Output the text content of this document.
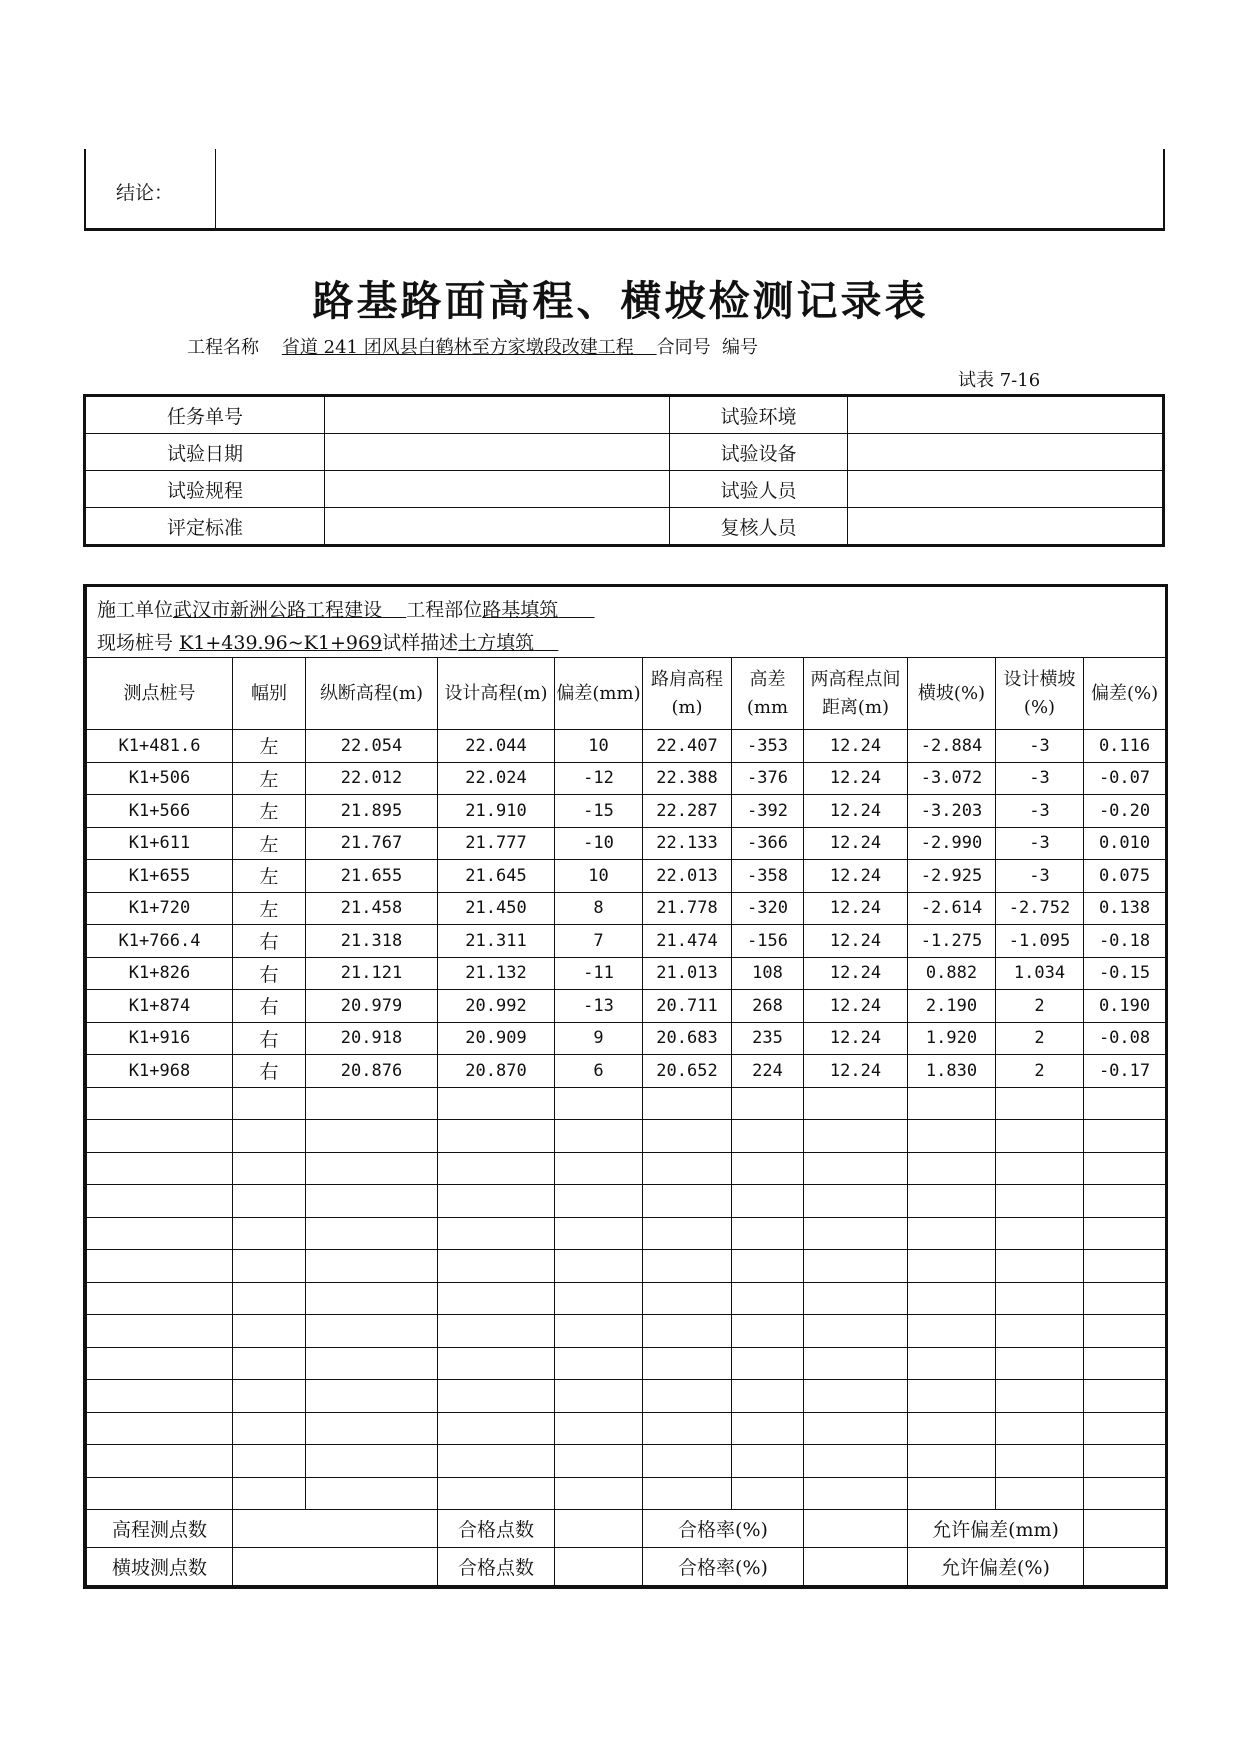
结论：
路基路面高程、横坡检测记录表
工程名称 省道 241 团风县白鹤林至方家墩段改建工程 合同号 编号
试表 7-16
任务单号		试验环境	
试验日期		试验设备	
试验规程		试验人员	
评定标准		复核人员	
施工单位武汉市新洲公路工程建设 工程部位路基填筑										
现场桩号 K1+439.96~K1+969试样描述土方填筑										
测点桩号	幅别	纵断高程(m)	设计高程(m)	偏差(mm)	路肩高程(m)	高差(mm	两高程点间距离(m)	横坡(%)	设计横坡(%)	偏差(%)
K1+481.6	左	22.054	22.044	10	22.407	-353	12.24	-2.884	-3	0.116
K1+506	左	22.012	22.024	-12	22.388	-376	12.24	-3.072	-3	-0.07
K1+566	左	21.895	21.910	-15	22.287	-392	12.24	-3.203	-3	-0.20
K1+611	左	21.767	21.777	-10	22.133	-366	12.24	-2.990	-3	0.010
K1+655	左	21.655	21.645	10	22.013	-358	12.24	-2.925	-3	0.075
K1+720	左	21.458	21.450	8	21.778	-320	12.24	-2.614	-2.752	0.138
K1+766.4	右	21.318	21.311	7	21.474	-156	12.24	-1.275	-1.095	-0.18
K1+826	右	21.121	21.132	-11	21.013	108	12.24	0.882	1.034	-0.15
K1+874	右	20.979	20.992	-13	20.711	268	12.24	2.190	2	0.190
K1+916	右	20.918	20.909	9	20.683	235	12.24	1.920	2	-0.08
K1+968	右	20.876	20.870	6	20.652	224	12.24	1.830	2	-0.17

高程测点数			合格点数		合格率(%)			允许偏差(mm)		
横坡测点数			合格点数		合格率(%)			允许偏差(%)		
